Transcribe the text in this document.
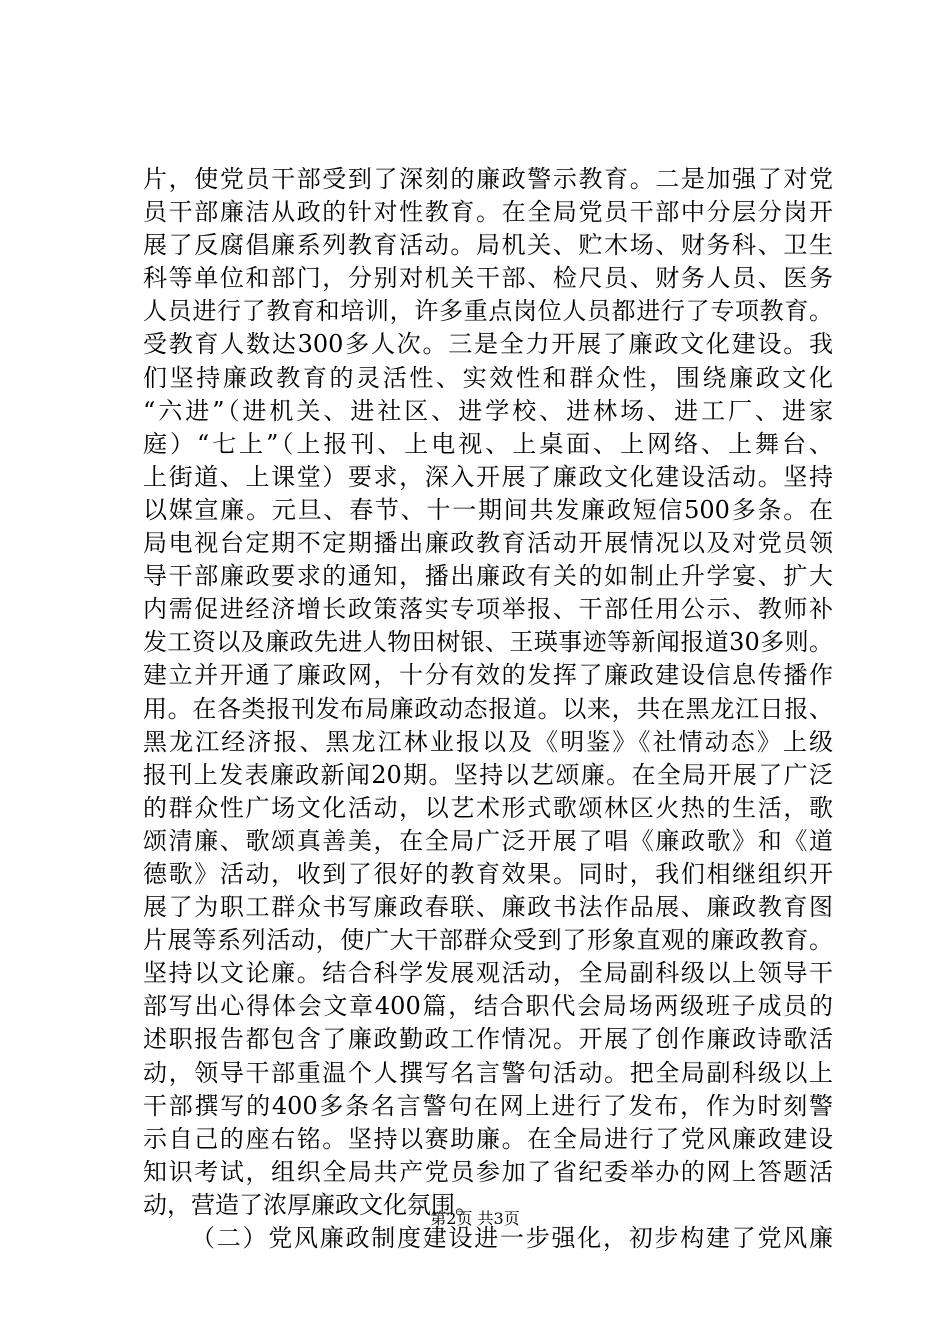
片，使党员干部受到了深刻的廉政警示教育。二是加强了对党
员干部廉洁从政的针对性教育。在全局党员干部中分层分岗开
展了反腐倡廉系列教育活动。局机关、贮木场、财务科、卫生
科等单位和部门，分别对机关干部、检尺员、财务人员、医务
人员进行了教育和培训，许多重点岗位人员都进行了专项教育。
受教育人数达300多人次。三是全力开展了廉政文化建设。我
们坚持廉政教育的灵活性、实效性和群众性，围绕廉政文化
“六进”（进机关、进社区、进学校、进林场、进工厂、进家
庭）“七上”（上报刊、上电视、上桌面、上网络、上舞台、
上街道、上课堂）要求，深入开展了廉政文化建设活动。坚持
以媒宣廉。元旦、春节、十一期间共发廉政短信500多条。在
局电视台定期不定期播出廉政教育活动开展情况以及对党员领
导干部廉政要求的通知，播出廉政有关的如制止升学宴、扩大
内需促进经济增长政策落实专项举报、干部任用公示、教师补
发工资以及廉政先进人物田树银、王瑛事迹等新闻报道30多则。
建立并开通了廉政网，十分有效的发挥了廉政建设信息传播作
用。在各类报刊发布局廉政动态报道。以来，共在黑龙江日报、
黑龙江经济报、黑龙江林业报以及《明鉴》《社情动态》上级
报刊上发表廉政新闻20期。坚持以艺颂廉。在全局开展了广泛
的群众性广场文化活动，以艺术形式歌颂林区火热的生活，歌
颂清廉、歌颂真善美，在全局广泛开展了唱《廉政歌》和《道
德歌》活动，收到了很好的教育效果。同时，我们相继组织开
展了为职工群众书写廉政春联、廉政书法作品展、廉政教育图
片展等系列活动，使广大干部群众受到了形象直观的廉政教育。
坚持以文论廉。结合科学发展观活动，全局副科级以上领导干
部写出心得体会文章400篇，结合职代会局场两级班子成员的
述职报告都包含了廉政勤政工作情况。开展了创作廉政诗歌活
动，领导干部重温个人撰写名言警句活动。把全局副科级以上
干部撰写的400多条名言警句在网上进行了发布，作为时刻警
示自己的座右铭。坚持以赛助廉。在全局进行了党风廉政建设
知识考试，组织全局共产党员参加了省纪委举办的网上答题活
动，营造了浓厚廉政文化氛围。
（二）党风廉政制度建设进一步强化，初步构建了党风廉
第2页 共3页
